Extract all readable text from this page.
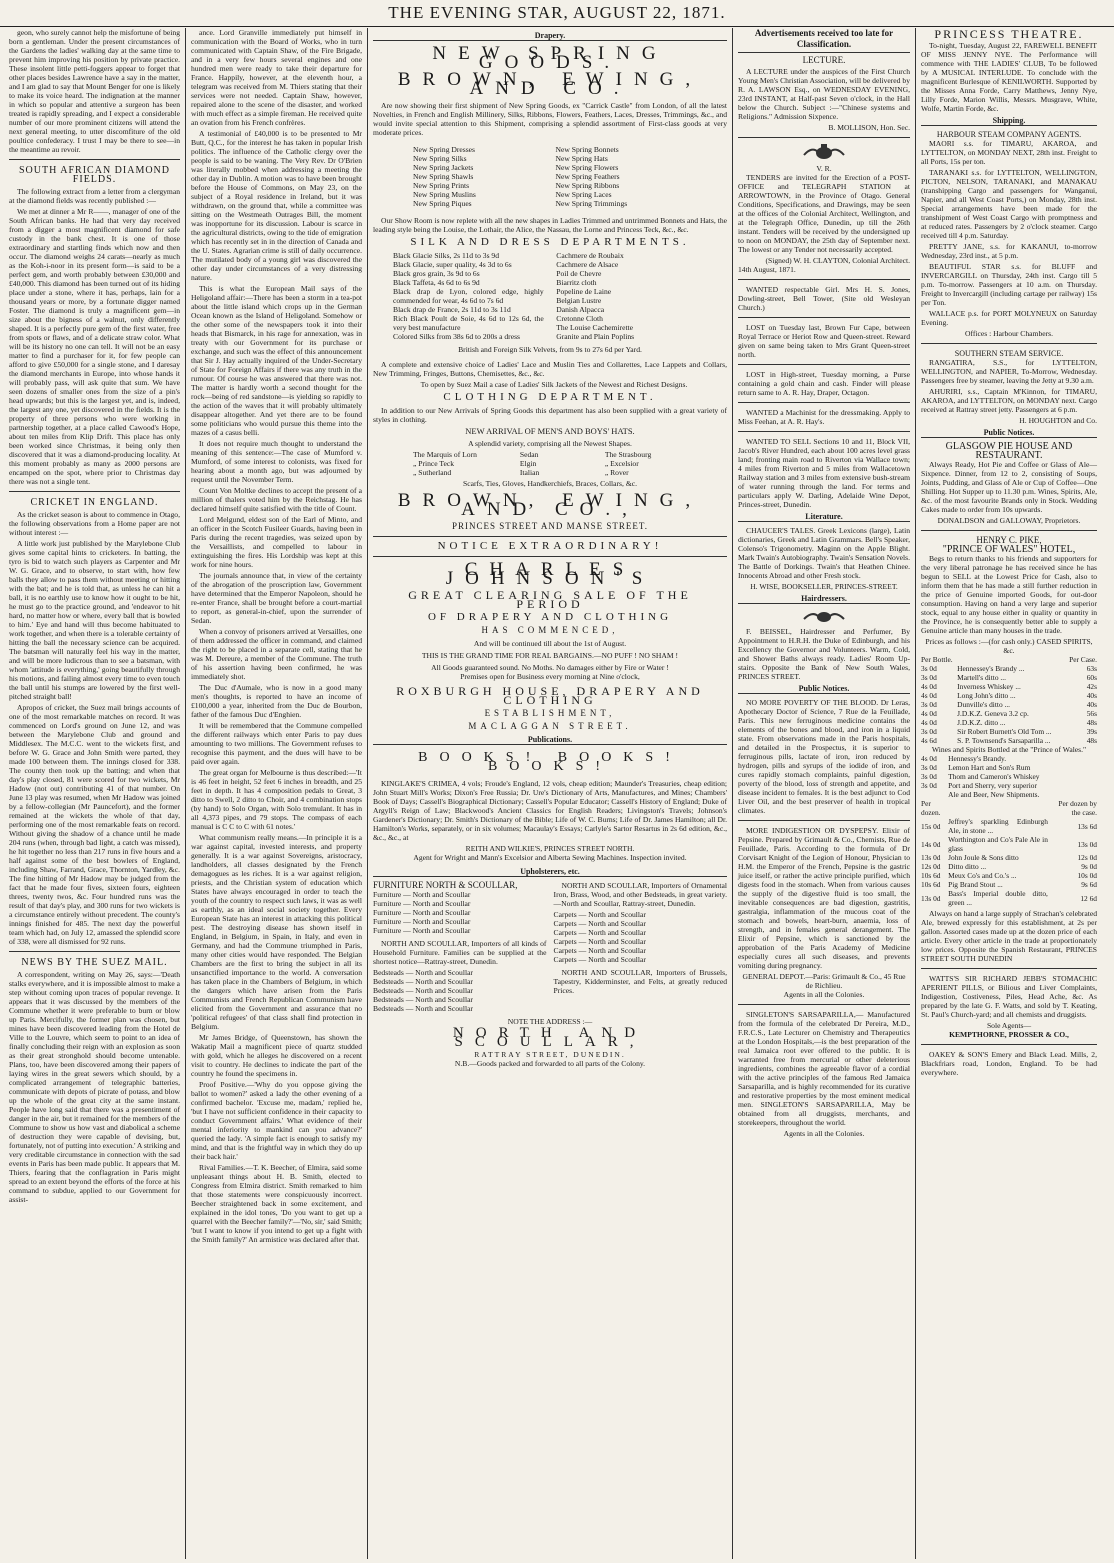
THE EVENING STAR, AUGUST 22, 1871.

geon, who surely cannot help the misfortune of being born a gentleman. Under the present circumstances of the Gardens the ladies' walking day at the same time to prevent him improving his position by private practice. These insolent little petti-foggers appear to forget that other places besides Lawrence have a say in the matter, and I am glad to say that Mount Benger for one is likely to make its voice heard. The indignation at the manner in which so popular and attentive a surgeon has been treated is rapidly spreading, and I expect a considerable number of our more prominent citizens will attend the next general meeting, to utter discomfiture of the old poultice confederacy. I trust I may be there to see—in the meantime au revoir.

SOUTH AFRICAN DIAMOND FIELDS.

The following extract from a letter from a clergyman at the diamond fields was recently published :—

We met at dinner a Mr R——, manager of one of the South African banks. He had that very day received from a digger a most magnificent diamond for safe custody in the bank chest. It is one of those extraordinary and startling finds which now and then occur. The diamond weighs 24 carats—nearly as much as the Koh-i-noor in its present form—is said to be a perfect gem, and worth probably between £30,000 and £40,000. This diamond has been turned out of its hiding place under a stone, where it has, perhaps, lain for a thousand years or more, by a fortunate digger named Foster. The diamond is truly a magnificent gem—in size about the bigness of a walnut, only differently shaped. It is a perfectly pure gem of the first water, free from spots or flaws, and of a delicate straw color. What will be its history no one can tell. It will not be an easy matter to find a purchaser for it, for few people can afford to give £50,000 for a single stone, and I daresay the diamond merchants in Europe, into whose hands it will probably pass, will ask quite that sum. We have seen dozens of smaller ones from the size of a pin's head upwards; but this is the largest yet, and is, indeed, the largest any one, yet discovered in the fields. It is the property of three persons who were working in partnership together, at a place called Cawood's Hope, about ten miles from Klip Drift. This place has only been worked since Christmas, it being only then discovered that it was a diamond-producing locality. At this moment probably as many as 2000 persons are encamped on the spot, where prior to Christmas day there was not a single tent.

CRICKET IN ENGLAND.

As the cricket season is about to commence in Otago, the following observations from a Home paper are not without interest :—

A little work just published by the Marylebone Club gives some capital hints to cricketers. In batting, the tyro is bid to watch such players as Carpenter and Mr W. G. Grace, and to observe, to start with, how few balls they allow to pass them without meeting or hitting with the bat; and he is told that, as unless he can hit a ball, it is no earthly use to know how it ought to be hit, he must go to the practice ground, and 'endeavor to hit hard, no matter how or where, every ball that is bowled to him.' Eye and hand will thus become habituated to work together, and when there is a tolerable certainty of hitting the ball the necessary science can be acquired. The batsman will naturally feel his way in the matter, and will be more ludicrous than to see a batsman, with whom 'attitude is everything,' going beautifully through his motions, and failing almost every time to even touch the ball until his stumps are lowered by the first well-pitched straight ball!

Apropos of cricket, the Suez mail brings accounts of one of the most remarkable matches on record. It was commenced on Lord's ground on June 12, and was between the Marylebone Club and ground and Middlesex. The M.C.C. went to the wickets first, and before W. G. Grace and John Smith were parted, they made 100 between them. The innings closed for 338. The county then took up the batting; and when that day's play closed, 81 were scored for two wickets, Mr Hadow (not out) contributing 41 of that number. On June 13 play was resumed, when Mr Hadow was joined by a fellow-collegian (Mr Pauncefort), and the former remained at the wickets the whole of that day, performing one of the most remarkable feats on record. Without giving the shadow of a chance until he made 204 runs (when, through bad light, a catch was missed), he hit together no less than 217 runs in five hours and a half against some of the best bowlers of England, including Shaw, Farrand, Grace, Thornton, Yardley, &c. The fine hitting of Mr Hadow may be judged from the fact that he made four fives, sixteen fours, eighteen threes, twenty twos, &c. Four hundred runs was the result of that day's play, and 300 runs for two wickets is a circumstance entirely without precedent. The county's innings finished for 485. The next day the powerful team which had, on July 12, amassed the splendid score of 338, were all dismissed for 92 runs.

NEWS BY THE SUEZ MAIL.

A correspondent, writing on May 26, says:—'Death stalks everywhere, and it is impossible almost to make a step without coming upon traces of popular revenge. It appears that it was discussed by the members of the Commune whether it were preferable to burn or blow up Paris. Mercifully, the former plan was chosen, but mines have been discovered leading from the Hotel de Ville to the Louvre, which seem to point to an idea of finally concluding their reign with an explosion as soon as their great stronghold should become untenable. Plans, too, have been discovered among their papers of laying wires in the great sewers which should, by a complicated arrangement of telegraphic batteries, communicate with depots of picrate of potass, and blow up the whole of the great city at the same instant. People have long said that there was a presentiment of danger in the air, but it remained for the members of the Commune to show us how vast and diabolical a scheme of destruction they were capable of devising, but, fortunately, not of putting into execution.' A striking and very creditable circumstance in connection with the sad events in Paris has been made public. It appears that M. Thiers, fearing that the conflagration in Paris might spread to an extent beyond the efforts of the force at his command to subdue, applied to our Government for assist-

ance. Lord Granville immediately put himself in communication with the Board of Works, who in turn communicated with Captain Shaw, of the Fire Brigade, and in a very few hours several engines and one hundred men were ready to take their departure for France. Happily, however, at the eleventh hour, a telegram was received from M. Thiers stating that their services were not needed. Captain Shaw, however, repaired alone to the scene of the disaster, and worked with much effect as a simple fireman. He received quite an ovation from his French confrères.

A testimonial of £40,000 is to be presented to Mr Butt, Q.C., for the interest he has taken in popular Irish politics. The influence of the Catholic clergy over the people is said to be waning. The Very Rev. Dr O'Brien was literally mobbed when addressing a meeting the other day in Dublin. A motion was to have been brought before the House of Commons, on May 23, on the subject of a Royal residence in Ireland, but it was withdrawn, on the ground that, while a committee was sitting on the Westmeath Outrages Bill, the moment was inopportune for its discussion. Labour is scarce in the agricultural districts, owing to the tide of emigration which has recently set in in the direction of Canada and the U. States. Agrarian crime is still of daily occurrence. The mutilated body of a young girl was discovered the other day under circumstances of a very distressing nature.

This is what the European Mail says of the Heligoland affair:—There has been a storm in a tea-pot about the little island which crops up in the German Ocean known as the Island of Heligoland. Somehow or the other some of the newspapers took it into their heads that Bismarck, in his rage for annexation, was in treaty with our Government for its purchase or exchange, and such was the effect of this announcement that Sir J. Hay actually inquired of the Under-Secretary of State for Foreign Affairs if there was any truth in the rumour. Of course he was answered that there was not. The matter is hardly worth a second thought for the rock—being of red sandstone—is yielding so rapidly to the action of the waves that it will probably ultimately disappear altogether. And yet there are to be found some politicians who would pursue this theme into the mazes of a casus belli.

It does not require much thought to understand the meaning of this sentence:—The case of Mumford v. Mumford, of some interest to colonists, was fixed for hearing about a month ago, but was adjourned by request until the November Term.

Count Von Moltke declines to accept the present of a million of thalers voted him by the Reichstag. He has declared himself quite satisfied with the title of Count.

Lord Melgund, eldest son of the Earl of Minto, and an officer in the Scotch Fusileer Guards, having been in Paris during the recent tragedies, was seized upon by the Versaillists, and compelled to labour in extinguishing the fires. His Lordship was kept at this work for nine hours.

The journals announce that, in view of the certainty of the abrogation of the proscription law, Government have determined that the Emperor Napoleon, should he re-enter France, shall be brought before a court-martial to report, as general-in-chief, upon the surrender of Sedan.

When a convoy of prisoners arrived at Versailles, one of them addressed the officer in command, and claimed the right to be placed in a separate cell, stating that he was M. Dereure, a member of the Commune. The truth of his assertion having been confirmed, he was immediately shot.

The Duc d'Aumale, who is now in a good many men's thoughts, is reported to have an income of £100,000 a year, inherited from the Duc de Bourbon, father of the famous Duc d'Enghien.

It will be remembered that the Commune compelled the different railways which enter Paris to pay dues amounting to two millions. The Government refuses to recognise this payment, and the dues will have to be paid over again.

The great organ for Melbourne is thus described:—'It is 46 feet in height, 52 feet 6 inches in breadth, and 25 feet in depth. It has 4 composition pedals to Great, 3 ditto to Swell, 2 ditto to Choir, and 4 combination stops (by hand) to Solo Organ, with Solo tremulant. It has in all 4,373 pipes, and 79 stops. The compass of each manual is C C to C with 61 notes.'

What communism really means.—In principle it is a war against capital, invested interests, and property generally. It is a war against Sovereigns, aristocracy, landholders, all classes designated by the French demagogues as les riches. It is a war against religion, priests, and the Christian system of education which States have always encouraged in order to teach the youth of the country to respect such laws, it was as well as earthly, as an ideal social society together. Every European State has an interest in attacking this political pest. The destroying disease has shown itself in England, in Belgium, in Spain, in Italy, and even in Germany, and had the Commune triumphed in Paris, many other cities would have responded. The Belgian Chambers are the first to bring the subject in all its unsanctified importance to the world. A conversation has taken place in the Chambers of Belgium, in which the dangers which have arisen from the Paris Communists and French Republican Communism have elicited from the Government and assurance that no 'political refugees' of that class shall find protection in Belgium.

Mr James Bridge, of Queenstown, has shown the Wakatip Mail a magnificent piece of quartz studded with gold, which he alleges he discovered on a recent visit to country. He declines to indicate the part of the country he found the specimens in.

Proof Positive.—'Why do you oppose giving the ballot to women?' asked a lady the other evening of a confirmed bachelor. 'Excuse me, madam,' replied he, 'but I have not sufficient confidence in their capacity to conduct Government affairs.' What evidence of their mental inferiority to mankind can you advance?' queried the lady. 'A simple fact is enough to satisfy my mind, and that is the frightful way in which they do up their back hair.'

Rival Families.—T. K. Beecher, of Elmira, said some unpleasant things about H. B. Smith, elected to Congress from Elmira district. Smith remarked to him that those statements were conspicuously incorrect. Beecher straightened back in some excitement, and explained in the idol tones, 'Do you want to get up a quarrel with the Beecher family?'—'No, sir,' said Smith; 'but I want to know if you intend to get up a fight with the Smith family?' An armistice was declared after that.

Drapery.
NEW SPRING GOODS.
BROWN, EWING, AND CO.

Are now showing their first shipment of New Spring Goods, ex "Carrick Castle" from London, of all the latest Novelties, in French and English Millinery, Silks, Ribbons, Flowers, Feathers, Laces, Dresses, Trimmings, &c., and would invite special attention to this Shipment, comprising a splendid assortment of First-class goods at very moderate prices.

New Spring Dresses
New Spring Silks
New Spring Jackets
New Spring Shawls
New Spring Prints
New Spring Muslins
New Spring Piques
New Spring Bonnets
New Spring Hats
New Spring Flowers
New Spring Feathers
New Spring Ribbons
New Spring Laces
New Spring Trimmings

Our Show Room is now replete with all the new shapes in Ladies Trimmed and untrimmed Bonnets and Hats, the leading style being the Louise, the Lothair, the Alice, the Nassau, the Lorne and Princess Teck, &c., &c.

SILK AND DRESS DEPARTMENTS.
Black Glacie Silks, 2s 11d to 3s 9d
Black Glacie, super quality, 4s 3d to 6s
Black gros grain, 3s 9d to 6s
Black Taffeta, 4s 6d to 6s 9d
Black drap de Lyon, colored edge, highly commended for wear, 4s 6d to 7s 6d
Black drap de France, 2s 11d to 3s 11d
Rich Black Poult de Soie, 4s 6d to 12s 6d, the very best manufacture
Colored Silks from 38s 6d to 200s a dress
Cachmere de Roubaix
Cachmere de Alsace
Poil de Chevre
Biarritz cloth
Popeline de Laine
Belgian Lustre
Danish Alpacca
Cretonne Cloth
The Louise Cachemirette
Granite and Plain Poplins
British and Foreign Silk Velvets, from 9s to 27s 6d per Yard.

A complete and extensive choice of Ladies' Lace and Muslin Ties and Collarettes, Lace Lappets and Collars, New Trimming, Fringes, Buttons, Chemisettes, &c., &c.

To open by Suez Mail a case of Ladies' Silk Jackets of the Newest and Richest Designs.

CLOTHING DEPARTMENT.

In addition to our New Arrivals of Spring Goods this department has also been supplied with a great variety of styles in clothing.

NEW ARRIVAL OF MEN'S AND BOYS' HATS.
A splendid variety, comprising all the Newest Shapes.
The Marquis of Lorn
„ Prince Teck
„ Sutherland
Sedan
Elgin
Italian
The Strasbourg
„ Excelsior
„ Rover
Scarfs, Ties, Gloves, Handkerchiefs, Braces, Collars, &c.
BROWN, EWING, AND CO.,
PRINCES STREET AND MANSE STREET.
NOTICE EXTRAORDINARY!
CHARLES JOHNSON'S
GREAT CLEARING SALE OF THE PERIOD
OF DRAPERY AND CLOTHING
HAS COMMENCED,
And will be continued till about the 1st of August.
THIS IS THE GRAND TIME FOR REAL BARGAINS.—NO PUFF ! NO SHAM !
All Goods guaranteed sound. No Moths. No damages either by Fire or Water !
Premises open for Business every morning at Nine o'clock,
ROXBURGH HOUSE, DRAPERY AND CLOTHING
ESTABLISHMENT,
MACLAGGAN STREET.
Publications.
BOOKS! BOOKS! BOOKS!

KINGLAKE'S CRIMEA, 4 vols; Froude's England, 12 vols, cheap edition; Maunder's Treasuries, cheap edition; John Stuart Mill's Works; Dixon's Free Russia; Dr. Ure's Dictionary of Arts, Manufactures, and Mines; Chambers' Book of Days; Cassell's Biographical Dictionary; Cassell's Popular Educator; Cassell's History of England; Duke of Argyll's Reign of Law; Blackwood's Ancient Classics for English Readers; Livingston's Travels; Johnson's Gardener's Dictionary; Dr. Smith's Dictionary of the Bible; Life of W. C. Burns; Life of Dr. James Hamilton; all Dr. Hamilton's Works, separately, or in six volumes; Macaulay's Essays; Carlyle's Sartor Resartus in 2s 6d edition, &c., &c., &c., at

REITH AND WILKIE'S, PRINCES STREET NORTH.
Agent for Wright and Mann's Excelsior and Alberta Sewing Machines. Inspection invited.
Upholsterers, etc.
FURNITURE NORTH & SCOULLAR,
Furniture — North and Scoullar
Furniture — North and Scoullar
Furniture — North and Scoullar
Furniture — North and Scoullar
Furniture — North and Scoullar

NORTH AND SCOULLAR, Importers of all kinds of Household Furniture. Families can be supplied at the shortest notice—Rattray-street, Dunedin.

Bedsteads — North and Scoullar
Bedsteads — North and Scoullar
Bedsteads — North and Scoullar
Bedsteads — North and Scoullar
Bedsteads — North and Scoullar

NORTH AND SCOULLAR, Importers of Ornamental Iron, Brass, Wood, and other Bedsteads, in great variety.—North and Scoullar, Rattray-street, Dunedin.

Carpets — North and Scoullar
Carpets — North and Scoullar
Carpets — North and Scoullar
Carpets — North and Scoullar
Carpets — North and Scoullar
Carpets — North and Scoullar

NORTH AND SCOULLAR, Importers of Brussels, Tapestry, Kidderminster, and Felts, at greatly reduced Prices.

NOTE THE ADDRESS :—
NORTH AND SCOULLAR,
RATTRAY STREET, DUNEDIN.
N.B.—Goods packed and forwarded to all parts of the Colony.
Advertisements received too late for Classification.
LECTURE.

A LECTURE under the auspices of the First Church Young Men's Christian Association, will be delivered by R. A. LAWSON Esq., on WEDNESDAY EVENING, 23rd INSTANT, at Half-past Seven o'clock, in the Hall below the Church. Subject :—"Chinese systems and Religions." Admission Sixpence.

B. MOLLISON, Hon. Sec.
V. R.

TENDERS are invited for the Erection of a POST-OFFICE and TELEGRAPH STATION at ARROWTOWN, in the Province of Otago. General Conditions, Specifications, and Drawings, may be seen at the offices of the Colonial Architect, Wellington, and at the Telegraph Office, Dunedin, up till the 26th instant. Tenders will be received by the undersigned up to noon on MONDAY, the 25th day of September next. The lowest or any Tender not necessarily accepted.

(Signed) W. H. CLAYTON, Colonial Architect.
14th August, 1871.

WANTED respectable Girl. Mrs H. S. Jones, Dowling-street, Bell Tower, (Site old Wesleyan Church.)

LOST on Tuesday last, Brown Fur Cape, between Royal Terrace or Heriot Row and Queen-street. Reward given on same being taken to Mrs Grant Queen-street north.

LOST in High-street, Tuesday morning, a Purse containing a gold chain and cash. Finder will please return same to A. R. Hay, Draper, Octagon.

WANTED a Machinist for the dressmaking. Apply to Miss Feehan, at A. R. Hay's.

WANTED TO SELL Sections 10 and 11, Block VII, Jacob's River Hundred, each about 100 acres level grass land; fronting main road to Riverton via Wallace town; 4 miles from Riverton and 5 miles from Wallacetown Railway station and 3 miles from extensive bush-stream of water running through the land. For terms and particulars apply W. Darling, Adelaide Wine Depot, Princes-street, Dunedin.

Literature.

CHAUCER'S TALES. Greek Lexicons (large), Latin dictionaries, Greek and Latin Grammars. Bell's Speaker, Colenso's Trigonometry. Maginn on the Apple Blight. Mark Twain's Autobiography. Twain's Sensation Novels. The Battle of Dorkings. Twain's that Heathen Chinee. Innocents Abroad and other Fresh stock.

H. WISE, BOOKSELLER, PRINCES-STREET.
Hairdressers.

F. BEISSEL, Hairdresser and Perfumer, By Appointment to H.R.H. the Duke of Edinburgh, and his Excellency the Governor and Volunteers. Warm, Cold, and Shower Baths always ready. Ladies' Room Up-stairs. Opposite the Bank of New South Wales, PRINCES STREET.

Public Notices.

NO MORE POVERTY OF THE BLOOD. Dr Leras, Apothecary Doctor of Science, 7 Rue de la Feuillade, Paris. This new ferruginous medicine contains the elements of the bones and blood, and iron in a liquid state. From observations made in the Paris hospitals, and detailed in the Prospectus, it is superior to ferruginous pills, lactate of iron, iron reduced by hydrogen, pills and syrups of the iodide of iron, and cures rapidly stomach complaints, painful digestion, poverty of the blood, loss of strength and appetite, and disease incident to females. It is the best adjunct to Cod Liver Oil, and the best preserver of health in tropical climates.

MORE INDIGESTION OR DYSPEPSY. Elixir of Pepsine. Prepared by Grimault & Co., Chemists, Rue de Feuillade, Paris. According to the formula of Dr Corvisart Knight of the Legion of Honour, Physician to H.M. the Emperor of the French, Pepsine is the gastric juice itself, or rather the active principle purified, which digests food in the stomach. When from various causes the supply of the digestive fluid is too small, the inevitable consequences are bad digestion, gastritis, gastralgia, inflammation of the mucous coat of the stomach and bowels, heart-burn, anaemia, loss of strength, and in females general derangement. The Elixir of Pepsine, which is sanctioned by the approbation of the Paris Academy of Medicine especially cures all such diseases, and prevents vomiting during pregnancy.

GENERAL DEPOT.—Paris: Grimault & Co., 45 Rue de Richlieu.
Agents in all the Colonies.

SINGLETON'S SARSAPARILLA,— Manufactured from the formula of the celebrated Dr Pereira, M.D., F.R.C.S., Late Lecturer on Chemistry and Therapeutics at the London Hospitals,—is the best preparation of the real Jamaica root ever offered to the public. It is warranted free from mercurial or other deleterious ingredients, combines the agreeable flavor of a cordial with the active principles of the famous Red Jamaica Sarsaparilla, and is highly recommended for its curative and restorative properties by the most eminent medical men. SINGLETON'S SARSAPARILLA, May be obtained from all druggists, merchants, and storekeepers, throughout the world.

Agents in all the Colonies.
PRINCESS THEATRE.

To-night, Tuesday, August 22, FAREWELL BENEFIT OF MISS JENNY NYE. The Performance will commence with THE LADIES' CLUB, To be followed by A MUSICAL INTERLUDE. To conclude with the magnificent Burlesque of KENILWORTH. Supported by the Misses Anna Forde, Carry Matthews, Jenny Nye, Lilly Forde, Marion Willis, Messrs. Musgrave, White, Wolfe, Martin Forde, &c.

Shipping.
HARBOUR STEAM COMPANY AGENTS.

MAORI s.s. for TIMARU, AKAROA, and LYTTELTON, on MONDAY NEXT, 28th inst. Freight to all Ports, 15s per ton.

TARANAKI s.s. for LYTTELTON, WELLINGTON, PICTON, NELSON, TARANAKI, and MANAKAU (transhipping Cargo and passengers for Wanganui, Napier, and all West Coast Ports,) on Monday, 28th inst. Special arrangements have been made for the transhipment of West Coast Cargo with promptness and at reduced rates. Passengers by 2 o'clock steamer. Cargo received till 4 p.m. Saturday.

PRETTY JANE, s.s. for KAKANUI, to-morrow Wednesday, 23rd inst., at 5 p.m.

BEAUTIFUL STAR s.s. for BLUFF and INVERCARGILL on Thursday, 24th inst. Cargo till 5 p.m. To-morrow. Passengers at 10 a.m. on Thursday. Freight to Invercargill (including cartage per railway) 15s per Ton.

WALLACE p.s. for PORT MOLYNEUX on Saturday Evening.

Offices : Harbour Chambers.
SOUTHERN STEAM SERVICE.

RANGATIRA, S.S., for LYTTELTON, WELLINGTON, and NAPIER, To-Morrow, Wednesday. Passengers free by steamer, leaving the Jetty at 9.30 a.m.

AHURIRI, s.s., Captain M'Kinnon, for TIMARU, AKAROA, and LYTTELTON, on MONDAY next. Cargo received at Rattray street jetty. Passengers at 6 p.m.

H. HOUGHTON and Co.
Public Notices.
GLASGOW PIE HOUSE AND RESTAURANT.

Always Ready, Hot Pie and Coffee or Glass of Ale—Sixpence. Dinner, from 12 to 2, consisting of Soups, Joints, Pudding, and Glass of Ale or Cup of Coffee—One Shilling. Hot Supper up to 11.30 p.m. Wines, Spirits, Ale, &c. of the most favourite Brands only in Stock. Wedding Cakes made to order from 10s upwards.

DONALDSON and GALLOWAY, Proprietors.
HENRY C. PIKE,
"PRINCE OF WALES" HOTEL,

Begs to return thanks to his friends and supporters for the very liberal patronage he has received since he has begun to SELL at the Lowest Price for Cash, also to inform them that he has made a still further reduction in the price of Genuine imported Goods, for out-door consumption. Having on hand a very large and superior stock, equal to any house either in quality or quantity in the Province, he is consequently better able to supply a Genuine article than many houses in the trade.

Prices as follows :—(for cash only.) CASED SPIRITS, &c.
Per Bottle.		Per Case.
3s 0d	Hennessey's Brandy ...	63s
3s 0d	Martell's ditto ...	60s
4s 0d	Inverness Whiskey ...	42s
4s 0d	Long John's ditto ...	40s
3s 0d	Dunville's ditto ...	40s
4s 0d	J.D.K.Z. Geneva 3.2 cp.	56s
4s 0d	J.D.K.Z. ditto ...	48s
3s 0d	Sir Robert Burnett's Old Tom ...	39s
4s 6d	S. P. Townsend's Sarsaparilla ...	48s
Wines and Spirits Bottled at the "Prince of Wales."
4s 0d	Hennessy's Brandy.	
3s 0d	Lemon Hart and Son's Rum	
3s 0d	Thom and Cameron's Whiskey	
3s 0d	Port and Sherry, very superior	
	Ale and Beer, New Shipments.	
Per dozen.		Per dozen by the case.
15s 0d	Jeffrey's sparkling Edinburgh Ale, in stone ...	13s 6d
14s 0d	Worthington and Co's Pale Ale in glass	13s 0d
13s 0d	John Joule & Sons ditto	12s 0d
12s 0d	Ditto ditto ...	9s 0d
10s 6d	Meux Co's and Co.'s ...	10s 0d
10s 6d	Pig Brand Stout ...	9s 6d
13s 0d	Bass's Imperial double ditto, green ...	12 6d

Always on hand a large supply of Strachan's celebrated Ale, brewed expressly for this establishment, at 2s per gallon. Assorted cases made up at the dozen price of each article. Every other article in the trade at proportionately low prices. Opposite the Spanish Restaurant, PRINCES STREET SOUTH DUNEDIN

WATTS'S SIR RICHARD JEBB'S STOMACHIC APERIENT PILLS, or Bilious and Liver Complaints, Indigestion, Costiveness, Piles, Head Ache, &c. As prepared by the late G. F. Watts, and sold by T. Keating, St. Paul's Church-yard; and all chemists and druggists.

Sole Agents—
KEMPTHORNE, PROSSER & CO.,

OAKEY & SON'S Emery and Black Lead. Mills, 2, Blackfriars road, London, England. To be had everywhere.
